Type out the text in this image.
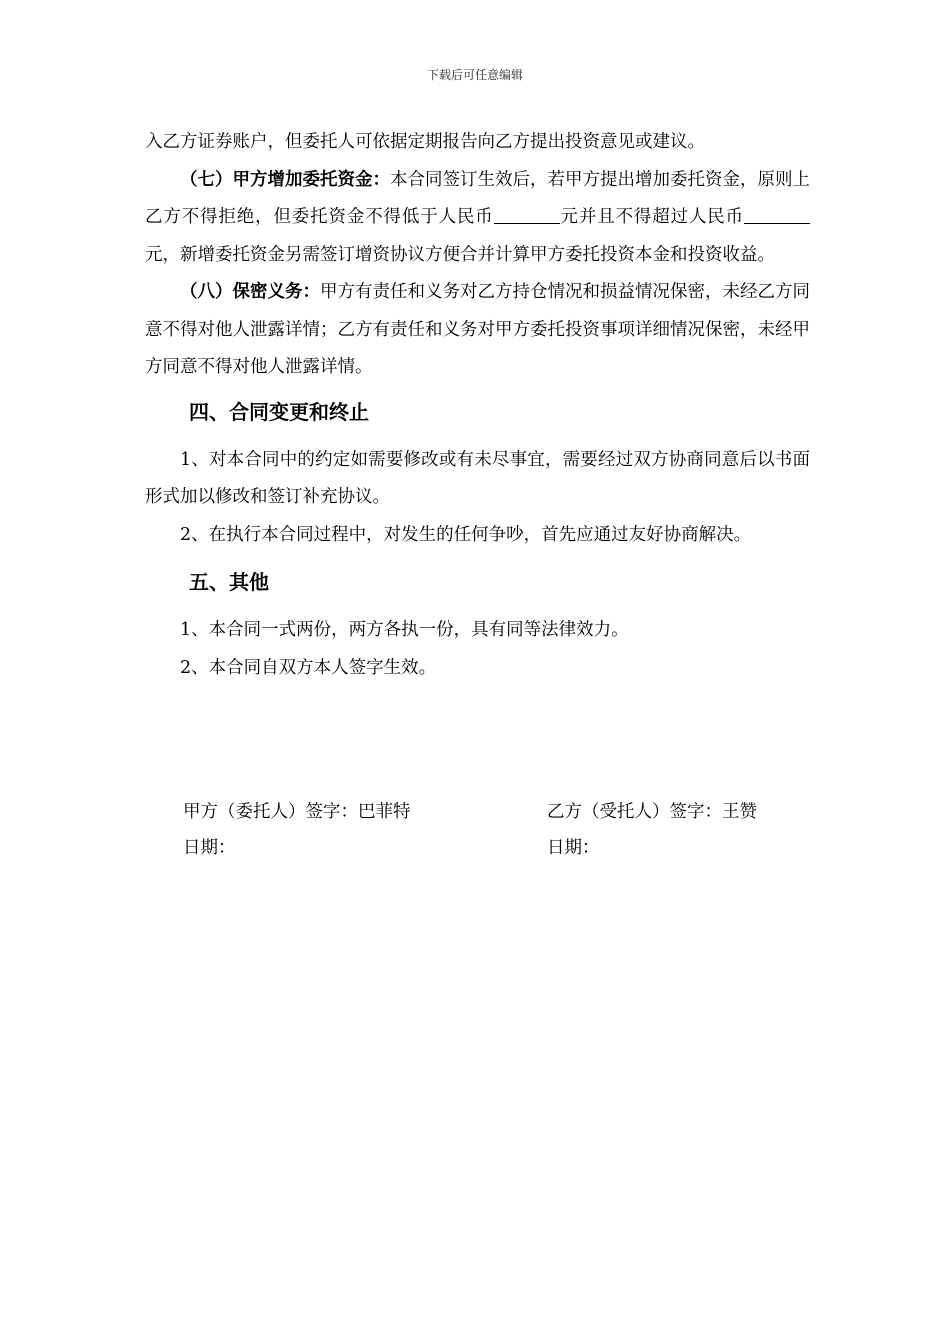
下载后可任意编辑

入乙方证券账户，但委托人可依据定期报告向乙方提出投资意见或建议。

（七）甲方增加委托资金：本合同签订生效后，若甲方提出增加委托资金，原则上乙方不得拒绝，但委托资金不得低于人民币	元并且不得超过人民币元，新增委托资金另需签订增资协议方便合并计算甲方委托投资本金和投资收益。

（八）保密义务：甲方有责任和义务对乙方持仓情况和损益情况保密，未经乙方同意不得对他人泄露详情；乙方有责任和义务对甲方委托投资事项详细情况保密，未经甲方同意不得对他人泄露详情。

四、合同变更和终止

1、对本合同中的约定如需要修改或有未尽事宜，需要经过双方协商同意后以书面形式加以修改和签订补充协议。

2、在执行本合同过程中，对发生的任何争吵，首先应通过友好协商解决。

五、其他

1、本合同一式两份，两方各执一份，具有同等法律效力。

2、本合同自双方本人签字生效。

甲方（委托人）签字：巴菲特	乙方（受托人）签字：王赞
日期：	日期：
